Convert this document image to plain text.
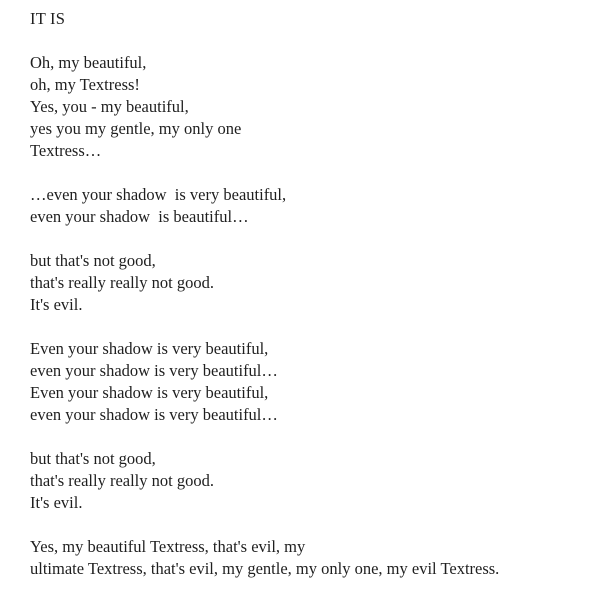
IT IS
Oh, my beautiful,
oh, my Textress!
Yes, you - my beautiful,
yes you my gentle, my only one
Textress…
…even your shadow  is very beautiful,
even your shadow  is beautiful…
but that's not good,
that's really really not good.
It's evil.
Even your shadow is very beautiful,
even your shadow is very beautiful…
Even your shadow is very beautiful,
even your shadow is very beautiful…
but that's not good,
that's really really not good.
It's evil.
Yes, my beautiful Textress, that's evil, my
ultimate Textress, that's evil, my gentle, my only one, my evil Textress.
